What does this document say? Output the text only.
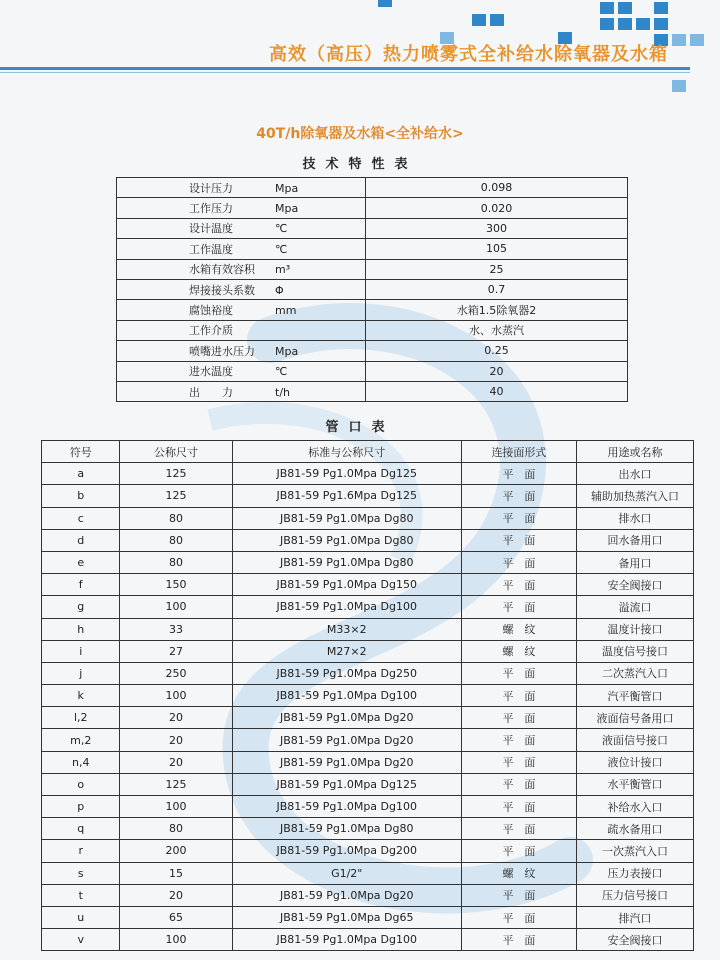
高效（高压）热力喷雾式全补给水除氧器及水箱
40T/h除氧器及水箱<全补给水>
技术特性表
设计压力 Mpa	0.098
工作压力 Mpa	0.020
设计温度 ℃	300
工作温度 ℃	105
水箱有效容积 m³	25
焊接接头系数 Φ	0.7
腐蚀裕度 mm	水箱1.5除氧器2
工作介质	水、水蒸汽
喷嘴进水压力 Mpa	0.25
进水温度 ℃	20
出　　力 t/h	40
管口表
符号	公称尺寸	标准与公称尺寸	连接面形式	用途或名称
a	125	JB81-59 Pg1.0Mpa Dg125	平　面	出水口
b	125	JB81-59 Pg1.6Mpa Dg125	平　面	辅助加热蒸汽入口
c	80	JB81-59 Pg1.0Mpa Dg80	平　面	排水口
d	80	JB81-59 Pg1.0Mpa Dg80	平　面	回水备用口
e	80	JB81-59 Pg1.0Mpa Dg80	平　面	备用口
f	150	JB81-59 Pg1.0Mpa Dg150	平　面	安全阀接口
g	100	JB81-59 Pg1.0Mpa Dg100	平　面	溢流口
h	33	M33×2	螺　纹	温度计接口
i	27	M27×2	螺　纹	温度信号接口
j	250	JB81-59 Pg1.0Mpa Dg250	平　面	二次蒸汽入口
k	100	JB81-59 Pg1.0Mpa Dg100	平　面	汽平衡管口
l,2	20	JB81-59 Pg1.0Mpa Dg20	平　面	液面信号备用口
m,2	20	JB81-59 Pg1.0Mpa Dg20	平　面	液面信号接口
n,4	20	JB81-59 Pg1.0Mpa Dg20	平　面	液位计接口
o	125	JB81-59 Pg1.0Mpa Dg125	平　面	水平衡管口
p	100	JB81-59 Pg1.0Mpa Dg100	平　面	补给水入口
q	80	JB81-59 Pg1.0Mpa Dg80	平　面	疏水备用口
r	200	JB81-59 Pg1.0Mpa Dg200	平　面	一次蒸汽入口
s	15	G1/2"	螺　纹	压力表接口
t	20	JB81-59 Pg1.0Mpa Dg20	平　面	压力信号接口
u	65	JB81-59 Pg1.0Mpa Dg65	平　面	排汽口
v	100	JB81-59 Pg1.0Mpa Dg100	平　面	安全阀接口
